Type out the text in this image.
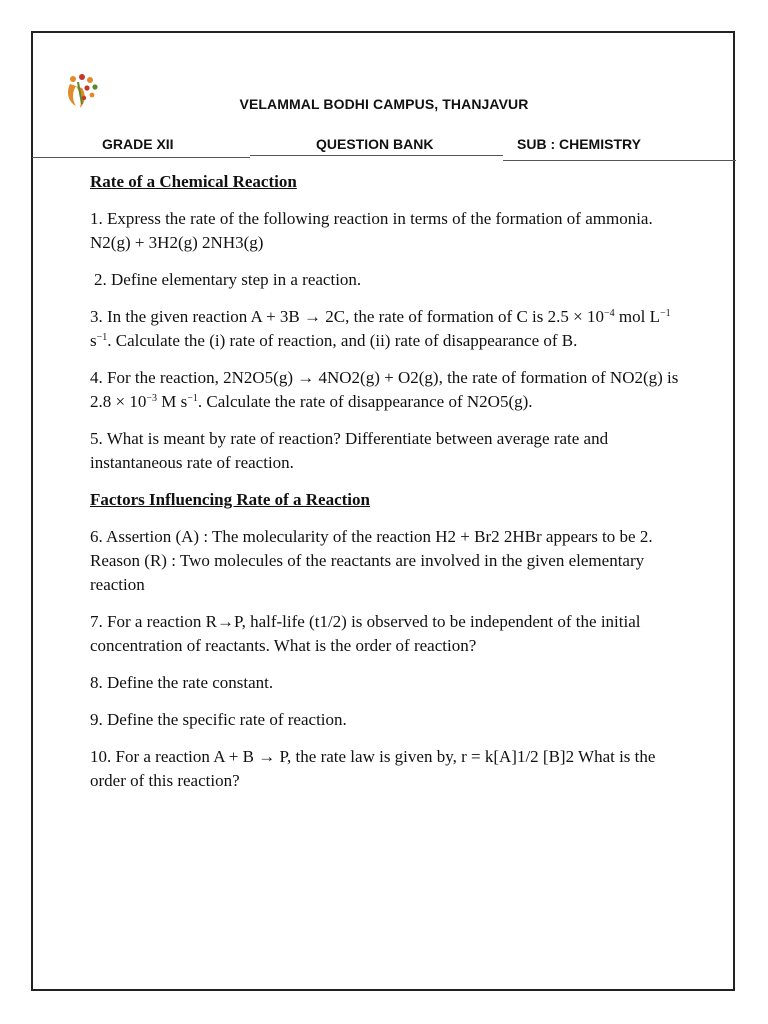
VELAMMAL BODHI CAMPUS, THANJAVUR
GRADE XII	QUESTION BANK	SUB : CHEMISTRY
Rate of a Chemical Reaction
1. Express the rate of the following reaction in terms of the formation of ammonia. N2(g) + 3H2(g) 2NH3(g)
2. Define elementary step in a reaction.
3. In the given reaction A + 3B → 2C, the rate of formation of C is $2.5 \times 10^{-4}$ mol $L^{-1}$ $s^{-1}$. Calculate the (i) rate of reaction, and (ii) rate of disappearance of B.
4. For the reaction, 2N2O5(g) → 4NO2(g) + O2(g), the rate of formation of NO2(g) is $2.8 \times 10^{-3}$ M $s^{-1}$. Calculate the rate of disappearance of N2O5(g).
5. What is meant by rate of reaction? Differentiate between average rate and instantaneous rate of reaction.
Factors Influencing Rate of a Reaction
6. Assertion (A) : The molecularity of the reaction H2 + Br2 2HBr appears to be 2. Reason (R) : Two molecules of the reactants are involved in the given elementary reaction
7. For a reaction R→P, half-life (t1/2) is observed to be independent of the initial concentration of reactants. What is the order of reaction?
8. Define the rate constant.
9. Define the specific rate of reaction.
10. For a reaction A + B → P, the rate law is given by, r = k[A]1/2 [B]2 What is the order of this reaction?
